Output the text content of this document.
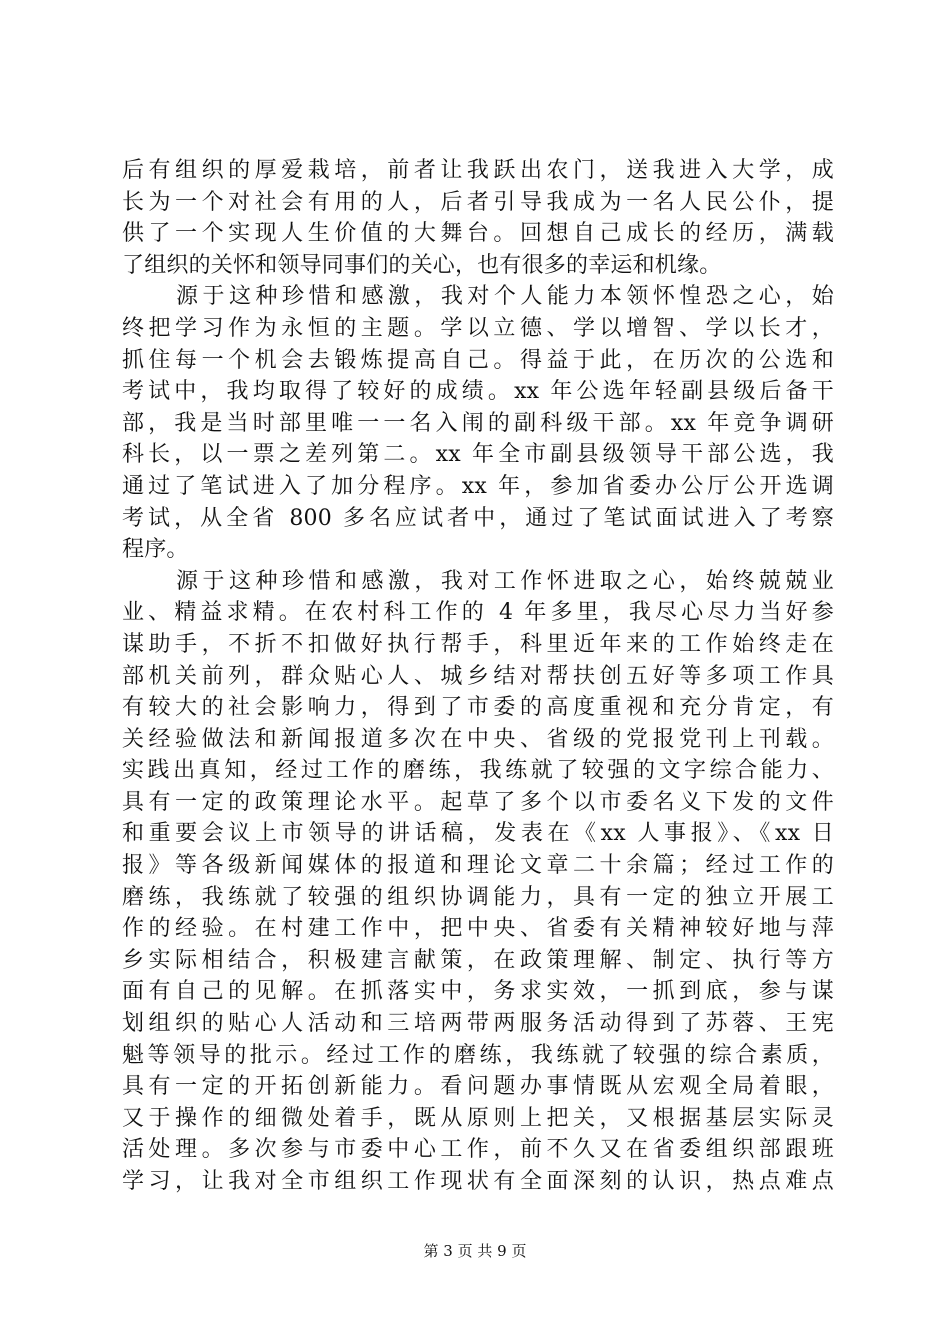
后有组织的厚爱栽培，前者让我跃出农门，送我进入大学，成
长为一个对社会有用的人，后者引导我成为一名人民公仆，提
供了一个实现人生价值的大舞台。回想自己成长的经历，满载
了组织的关怀和领导同事们的关心，也有很多的幸运和机缘。
源于这种珍惜和感激，我对个人能力本领怀惶恐之心，始
终把学习作为永恒的主题。学以立德、学以增智、学以长才，
抓住每一个机会去锻炼提高自己。得益于此，在历次的公选和
考试中，我均取得了较好的成绩。xx 年公选年轻副县级后备干
部，我是当时部里唯一一名入闱的副科级干部。xx 年竞争调研
科长，以一票之差列第二。xx 年全市副县级领导干部公选，我
通过了笔试进入了加分程序。xx 年，参加省委办公厅公开选调
考试，从全省 800 多名应试者中，通过了笔试面试进入了考察
程序。
源于这种珍惜和感激，我对工作怀进取之心，始终兢兢业
业、精益求精。在农村科工作的 4 年多里，我尽心尽力当好参
谋助手，不折不扣做好执行帮手，科里近年来的工作始终走在
部机关前列，群众贴心人、城乡结对帮扶创五好等多项工作具
有较大的社会影响力，得到了市委的高度重视和充分肯定，有
关经验做法和新闻报道多次在中央、省级的党报党刊上刊载。
实践出真知，经过工作的磨练，我练就了较强的文字综合能力、
具有一定的政策理论水平。起草了多个以市委名义下发的文件
和重要会议上市领导的讲话稿，发表在《xx 人事报》、《xx 日
报》等各级新闻媒体的报道和理论文章二十余篇；经过工作的
磨练，我练就了较强的组织协调能力，具有一定的独立开展工
作的经验。在村建工作中，把中央、省委有关精神较好地与萍
乡实际相结合，积极建言献策，在政策理解、制定、执行等方
面有自己的见解。在抓落实中，务求实效，一抓到底，参与谋
划组织的贴心人活动和三培两带两服务活动得到了苏蓉、王宪
魁等领导的批示。经过工作的磨练，我练就了较强的综合素质，
具有一定的开拓创新能力。看问题办事情既从宏观全局着眼，
又于操作的细微处着手，既从原则上把关，又根据基层实际灵
活处理。多次参与市委中心工作，前不久又在省委组织部跟班
学习，让我对全市组织工作现状有全面深刻的认识，热点难点
第 3 页 共 9 页
